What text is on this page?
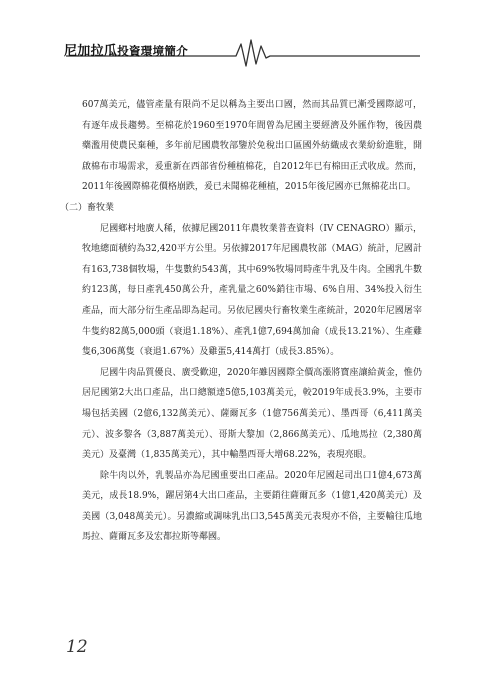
尼加拉瓜投資環境簡介

607萬美元，儘管產量有限尚不足以稱為主要出口國，然而其品質已漸受國際認可，有逐年成長趨勢。至棉花於1960至1970年間曾為尼國主要經濟及外匯作物，後因農藥濫用使農民棄種，多年前尼國農牧部鑒於免稅出口區國外紡織成衣業紛紛進駐，開啟棉布市場需求，爰重新在西部省份種植棉花，自2012年已有棉田正式收成。然而，2011年後國際棉花價格崩跌，爰已未聞棉花種植，2015年後尼國亦已無棉花出口。

（二）畜牧業

尼國鄉村地廣人稀，依據尼國2011年農牧業普查資料（IV CENAGRO）顯示，牧地總面積約為32,420平方公里。另依據2017年尼國農牧部（MAG）統計，尼國計有163,738個牧場，牛隻數約543萬，其中69%牧場同時產牛乳及牛肉。全國乳牛數約123萬，每日產乳450萬公升，產乳量之60%銷往市場、6%自用、34%投入衍生產品，而大部分衍生產品即為起司。另依尼國央行畜牧業生產統計，2020年尼國屠宰牛隻約82萬5,000頭（衰退1.18%）、產乳1億7,694萬加侖（成長13.21%）、生產雞隻6,306萬隻（衰退1.67%）及雞蛋5,414萬打（成長3.85%）。

尼國牛肉品質優良、廣受歡迎，2020年雖因國際全價高漲將寶座讓給黃金，惟仍居尼國第2大出口產品，出口總額達5億5,103萬美元，較2019年成長3.9%，主要市場包括美國（2億6,132萬美元）、薩爾瓦多（1億756萬美元）、墨西哥（6,411萬美元）、波多黎各（3,887萬美元）、哥斯大黎加（2,866萬美元）、瓜地馬拉（2,380萬美元）及臺灣（1,835萬美元），其中輸墨西哥大增68.22%，表現亮眼。

除牛肉以外，乳製品亦為尼國重要出口產品。2020年尼國起司出口1億4,673萬美元，成長18.9%，躍居第4大出口產品，主要銷往薩爾瓦多（1億1,420萬美元）及美國（3,048萬美元）。另濃縮或調味乳出口3,545萬美元表現亦不俗，主要輸往瓜地馬拉、薩爾瓦多及宏都拉斯等鄰國。

12
